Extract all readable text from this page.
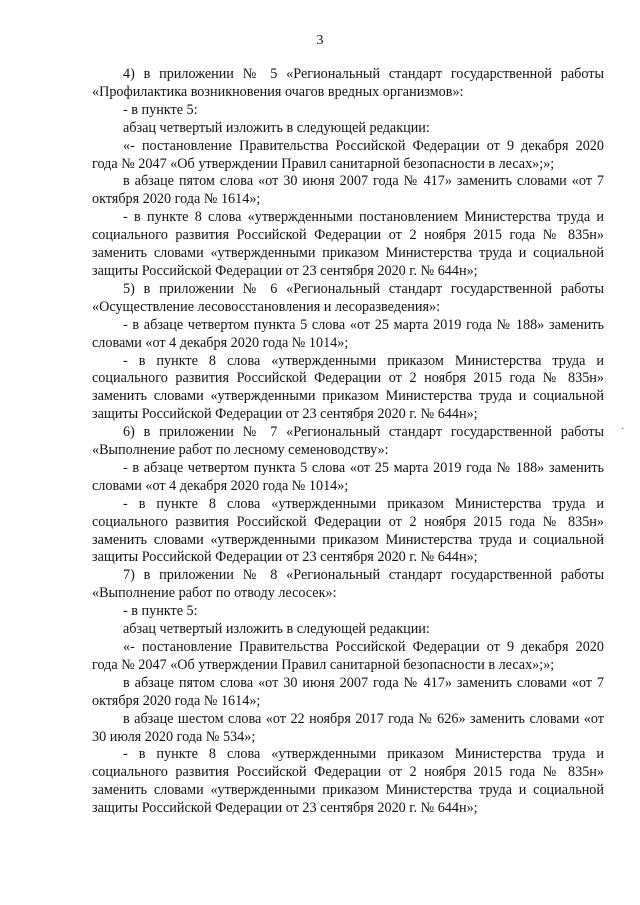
3

4) в приложении № 5 «Региональный стандарт государственной работы «Профилактика возникновения очагов вредных организмов»:

- в пункте 5:

абзац четвертый изложить в следующей редакции:

«- постановление Правительства Российской Федерации от 9 декабря 2020 года № 2047 «Об утверждении Правил санитарной безопасности в лесах»;»;

в абзаце пятом слова «от 30 июня 2007 года № 417» заменить словами «от 7 октября 2020 года № 1614»;

- в пункте 8 слова «утвержденными постановлением Министерства труда и социального развития Российской Федерации от 2 ноября 2015 года № 835н» заменить словами «утвержденными приказом Министерства труда и социальной защиты Российской Федерации от 23 сентября 2020 г. № 644н»;

5) в приложении № 6 «Региональный стандарт государственной работы «Осуществление лесовосстановления и лесоразведения»:

- в абзаце четвертом пункта 5 слова «от 25 марта 2019 года № 188» заменить словами «от 4 декабря 2020 года № 1014»;

- в пункте 8 слова «утвержденными приказом Министерства труда и социального развития Российской Федерации от 2 ноября 2015 года № 835н» заменить словами «утвержденными приказом Министерства труда и социальной защиты Российской Федерации от 23 сентября 2020 г. № 644н»;

6) в приложении № 7 «Региональный стандарт государственной работы «Выполнение работ по лесному семеноводству»:

- в абзаце четвертом пункта 5 слова «от 25 марта 2019 года № 188» заменить словами «от 4 декабря 2020 года № 1014»;

- в пункте 8 слова «утвержденными приказом Министерства труда и социального развития Российской Федерации от 2 ноября 2015 года № 835н» заменить словами «утвержденными приказом Министерства труда и социальной защиты Российской Федерации от 23 сентября 2020 г. № 644н»;

7) в приложении № 8 «Региональный стандарт государственной работы «Выполнение работ по отводу лесосек»:

- в пункте 5:

абзац четвертый изложить в следующей редакции:

«- постановление Правительства Российской Федерации от 9 декабря 2020 года № 2047 «Об утверждении Правил санитарной безопасности в лесах»;»;

в абзаце пятом слова «от 30 июня 2007 года № 417» заменить словами «от 7 октября 2020 года № 1614»;

в абзаце шестом слова «от 22 ноября 2017 года № 626» заменить словами «от 30 июля 2020 года № 534»;

- в пункте 8 слова «утвержденными приказом Министерства труда и социального развития Российской Федерации от 2 ноября 2015 года № 835н» заменить словами «утвержденными приказом Министерства труда и социальной защиты Российской Федерации от 23 сентября 2020 г. № 644н»;

·
